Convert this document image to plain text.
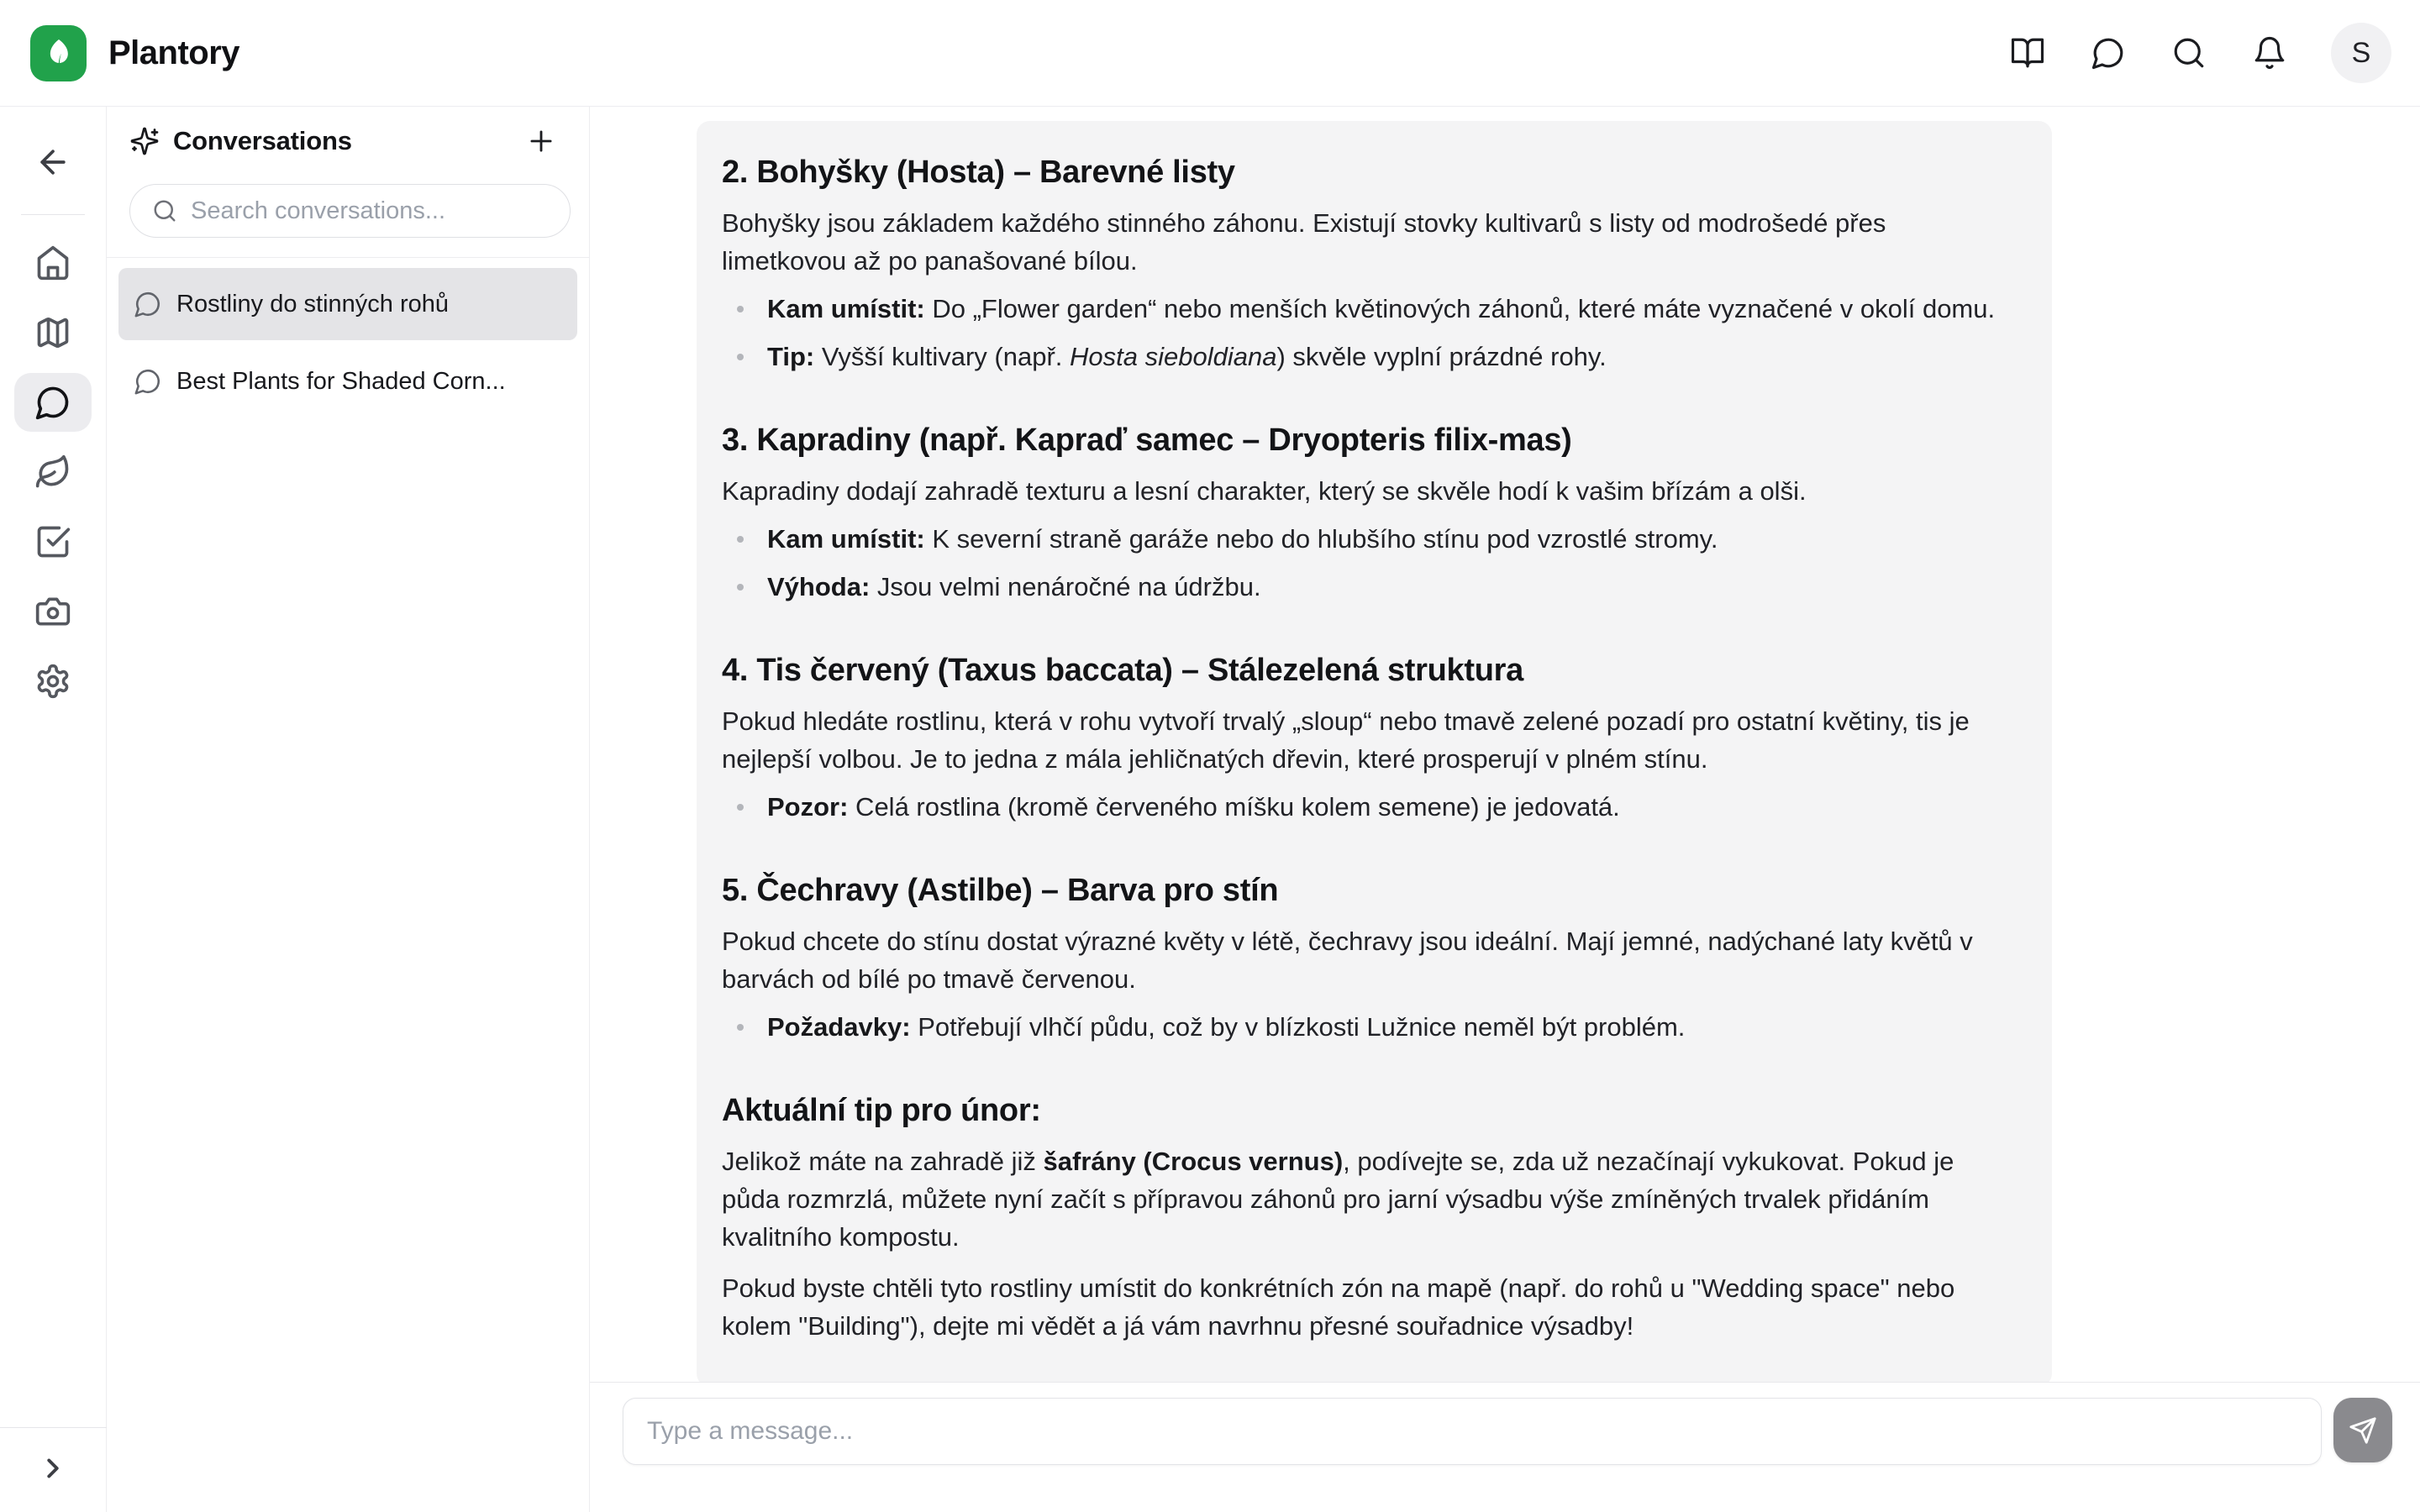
Plantory	S
Conversations
Search conversations...
Rostliny do stinných rohů
Best Plants for Shaded Corn...
2. Bohyšky (Hosta) – Barevné listy

Bohyšky jsou základem každého stinného záhonu. Existují stovky kultivarů s listy od modrošedé přes limetkovou až po panašované bílou.

Kam umístit: Do „Flower garden“ nebo menších květinových záhonů, které máte vyznačené v okolí domu.
Tip: Vyšší kultivary (např. Hosta sieboldiana) skvěle vyplní prázdné rohy.
3. Kapradiny (např. Kapraď samec – Dryopteris filix-mas)

Kapradiny dodají zahradě texturu a lesní charakter, který se skvěle hodí k vašim břízám a olši.

Kam umístit: K severní straně garáže nebo do hlubšího stínu pod vzrostlé stromy.
Výhoda: Jsou velmi nenáročné na údržbu.
4. Tis červený (Taxus baccata) – Stálezelená struktura

Pokud hledáte rostlinu, která v rohu vytvoří trvalý „sloup“ nebo tmavě zelené pozadí pro ostatní květiny, tis je nejlepší volbou. Je to jedna z mála jehličnatých dřevin, které prosperují v plném stínu.

Pozor: Celá rostlina (kromě červeného míšku kolem semene) je jedovatá.
5. Čechravy (Astilbe) – Barva pro stín

Pokud chcete do stínu dostat výrazné květy v létě, čechravy jsou ideální. Mají jemné, nadýchané laty květů v barvách od bílé po tmavě červenou.

Požadavky: Potřebují vlhčí půdu, což by v blízkosti Lužnice neměl být problém.
Aktuální tip pro únor:

Jelikož máte na zahradě již šafrány (Crocus vernus), podívejte se, zda už nezačínají vykukovat. Pokud je půda rozmrzlá, můžete nyní začít s přípravou záhonů pro jarní výsadbu výše zmíněných trvalek přidáním kvalitního kompostu.

Pokud byste chtěli tyto rostliny umístit do konkrétních zón na mapě (např. do rohů u "Wedding space" nebo kolem "Building"), dejte mi vědět a já vám navrhnu přesné souřadnice výsadby!

Type a message...
